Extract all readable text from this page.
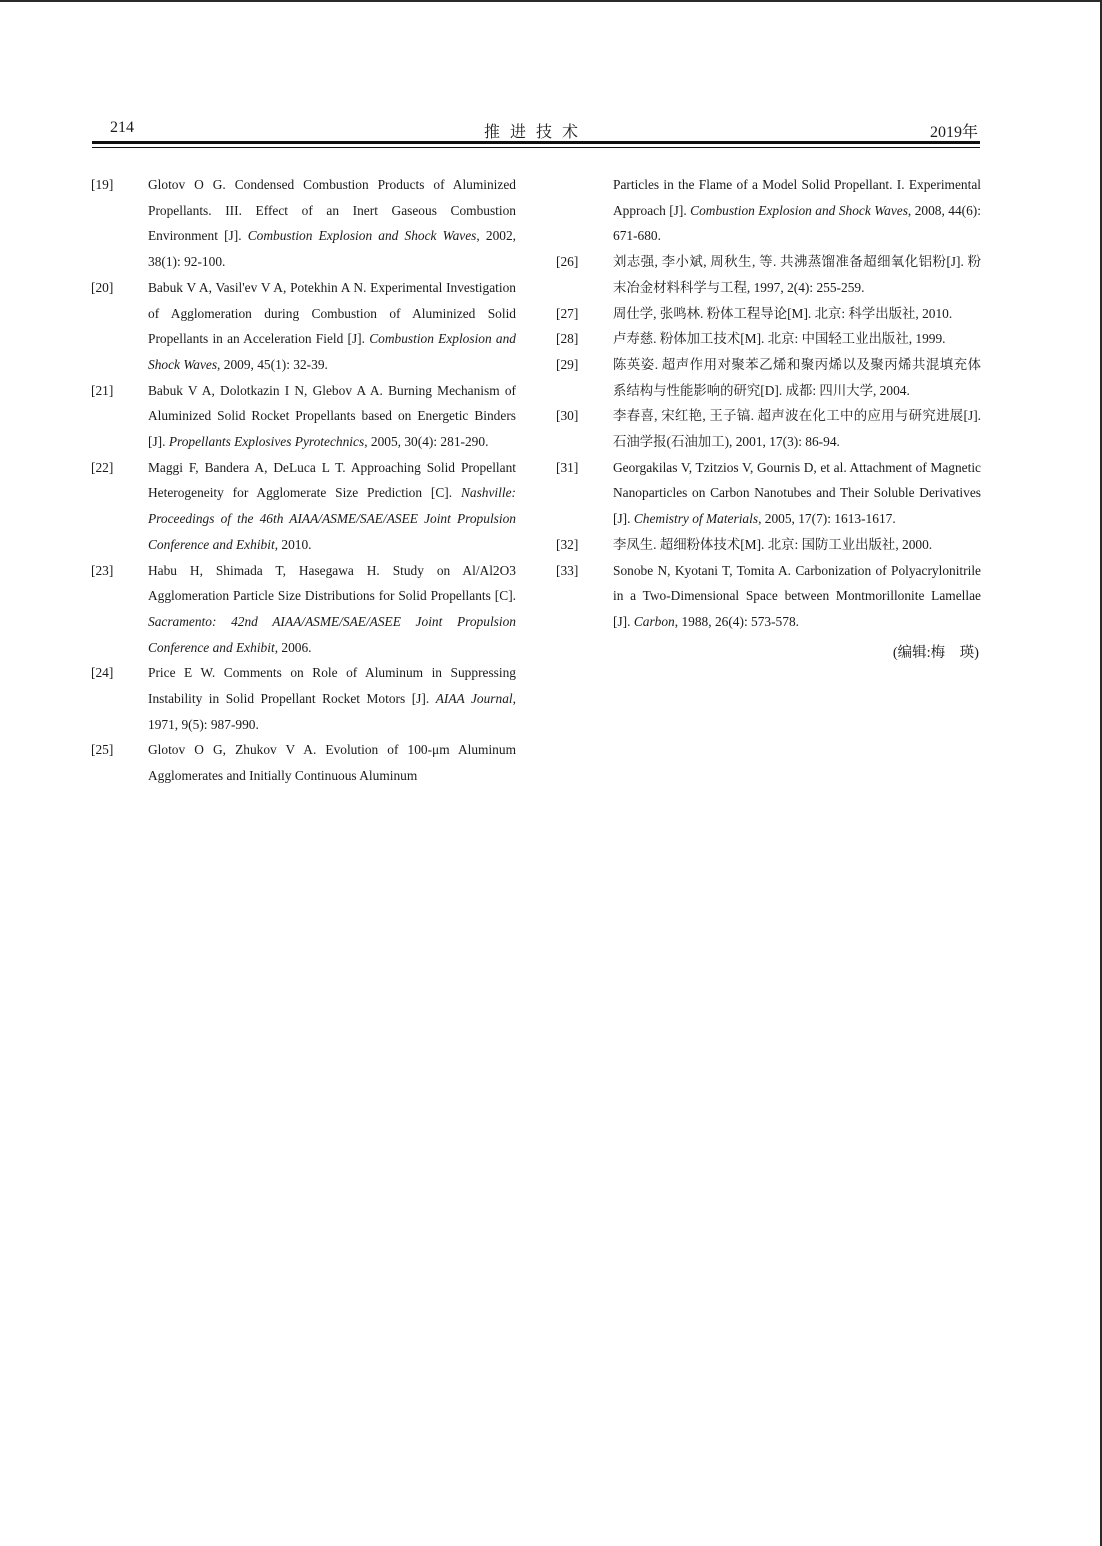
214	推进技术	2019年
[19]	Glotov O G. Condensed Combustion Products of Aluminized Propellants. III. Effect of an Inert Gaseous Combustion Environment [J]. Combustion Explosion and Shock Waves, 2002, 38(1): 92-100.
[20]	Babuk V A, Vasil'ev V A, Potekhin A N. Experimental Investigation of Agglomeration during Combustion of Aluminized Solid Propellants in an Acceleration Field [J]. Combustion Explosion and Shock Waves, 2009, 45(1): 32-39.
[21]	Babuk V A, Dolotkazin I N, Glebov A A. Burning Mechanism of Aluminized Solid Rocket Propellants based on Energetic Binders [J]. Propellants Explosives Pyrotechnics, 2005, 30(4): 281-290.
[22]	Maggi F, Bandera A, DeLuca L T. Approaching Solid Propellant Heterogeneity for Agglomerate Size Prediction [C]. Nashville: Proceedings of the 46th AIAA/ASME/SAE/ASEE Joint Propulsion Conference and Exhibit, 2010.
[23]	Habu H, Shimada T, Hasegawa H. Study on Al/Al2O3 Agglomeration Particle Size Distributions for Solid Propellants [C]. Sacramento: 42nd AIAA/ASME/SAE/ASEE Joint Propulsion Conference and Exhibit, 2006.
[24]	Price E W. Comments on Role of Aluminum in Suppressing Instability in Solid Propellant Rocket Motors [J]. AIAA Journal, 1971, 9(5): 987-990.
[25]	Glotov O G, Zhukov V A. Evolution of 100-μm Aluminum Agglomerates and Initially Continuous Aluminum
Particles in the Flame of a Model Solid Propellant. I. Experimental Approach [J]. Combustion Explosion and Shock Waves, 2008, 44(6): 671-680.
[26]	刘志强, 李小斌, 周秋生, 等. 共沸蒸馏准备超细氧化铝粉[J]. 粉末冶金材料科学与工程, 1997, 2(4): 255-259.
[27]	周仕学, 张鸣林. 粉体工程导论[M]. 北京: 科学出版社, 2010.
[28]	卢寿慈. 粉体加工技术[M]. 北京: 中国轻工业出版社, 1999.
[29]	陈英姿. 超声作用对聚苯乙烯和聚丙烯以及聚丙烯共混填充体系结构与性能影响的研究[D]. 成都: 四川大学, 2004.
[30]	李春喜, 宋红艳, 王子镐. 超声波在化工中的应用与研究进展[J]. 石油学报(石油加工), 2001, 17(3): 86-94.
[31]	Georgakilas V, Tzitzios V, Gournis D, et al. Attachment of Magnetic Nanoparticles on Carbon Nanotubes and Their Soluble Derivatives [J]. Chemistry of Materials, 2005, 17(7): 1613-1617.
[32]	李凤生. 超细粉体技术[M]. 北京: 国防工业出版社, 2000.
[33]	Sonobe N, Kyotani T, Tomita A. Carbonization of Polyacrylonitrile in a Two-Dimensional Space between Montmorillonite Lamellae [J]. Carbon, 1988, 26(4): 573-578.
(编辑:梅　瑛)
